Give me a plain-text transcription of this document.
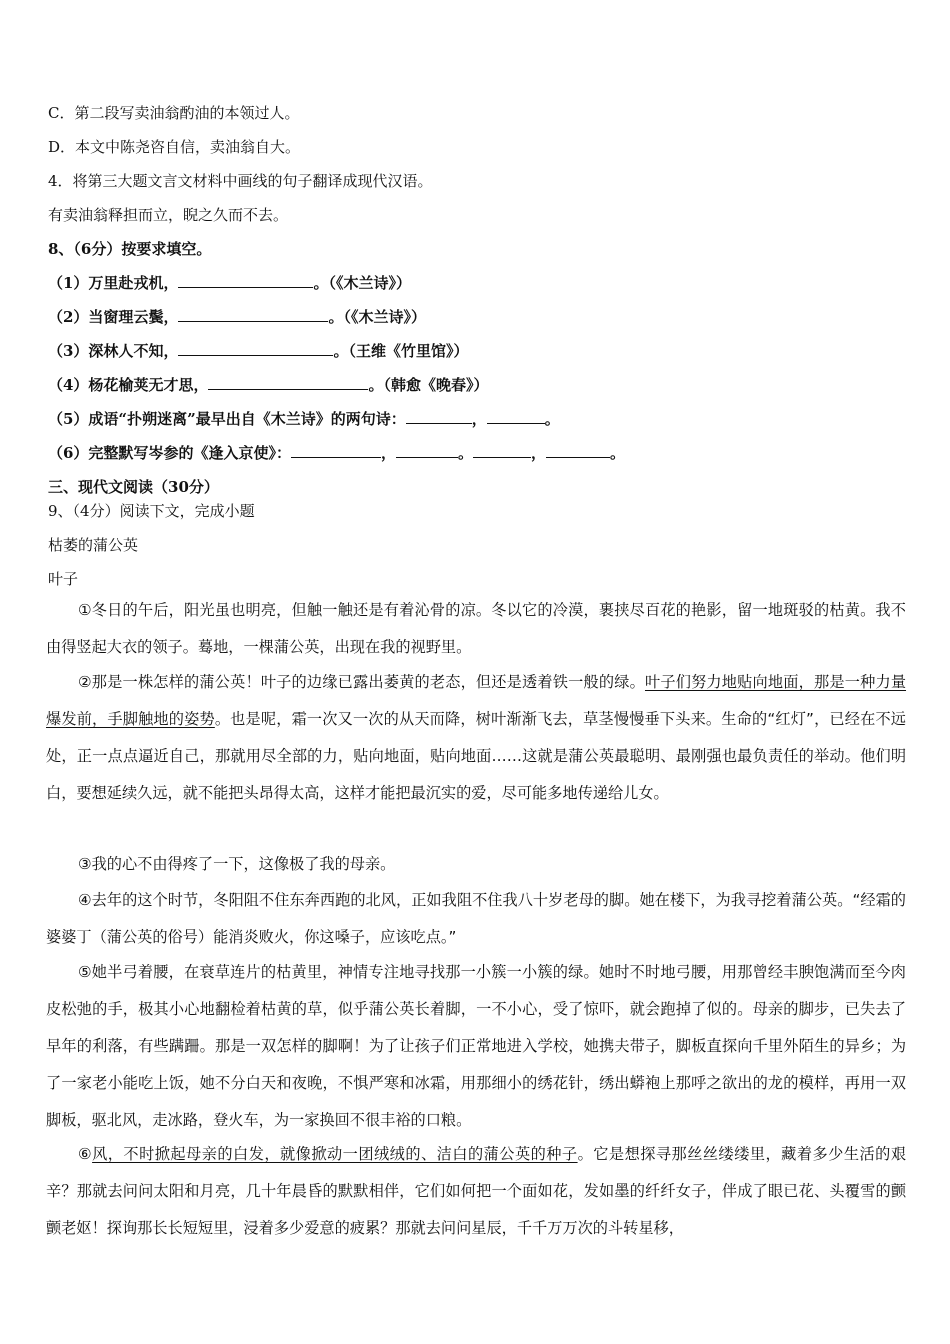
C．第二段写卖油翁酌油的本领过人。
D．本文中陈尧咨自信，卖油翁自大。
4．将第三大题文言文材料中画线的句子翻译成现代汉语。
有卖油翁释担而立，睨之久而不去。
8、（6分）按要求填空。
（1）万里赴戎机，	。（《木兰诗》）
（2）当窗理云鬓，	。（《木兰诗》）
（3）深林人不知，	。（王维《竹里馆》）
（4）杨花榆荚无才思，	。（韩愈《晚春》）
（5）成语“扑朔迷离”最早出自《木兰诗》的两句诗：	，	。
（6）完整默写岑参的《逢入京使》：	，	。	，	。
三、现代文阅读（30分）
9、（4分）阅读下文，完成小题
枯萎的蒲公英
叶子
①冬日的午后，阳光虽也明亮，但触一触还是有着沁骨的凉。冬以它的冷漠，裹挟尽百花的艳影，留一地斑驳的枯黄。我不由得竖起大衣的领子。蓦地，一棵蒲公英，出现在我的视野里。
②那是一株怎样的蒲公英！叶子的边缘已露出萎黄的老态，但还是透着铁一般的绿。叶子们努力地贴向地面，那是一种力量爆发前，手脚触地的姿势。也是呢，霜一次又一次的从天而降，树叶渐渐飞去，草茎慢慢垂下头来。生命的“红灯”，已经在不远处，正一点点逼近自己，那就用尽全部的力，贴向地面，贴向地面……这就是蒲公英最聪明、最刚强也最负责任的举动。他们明白，要想延续久远，就不能把头昂得太高，这样才能把最沉实的爱，尽可能多地传递给儿女。
③我的心不由得疼了一下，这像极了我的母亲。
④去年的这个时节，冬阳阻不住东奔西跑的北风，正如我阻不住我八十岁老母的脚。她在楼下，为我寻挖着蒲公英。“经霜的婆婆丁（蒲公英的俗号）能消炎败火，你这嗓子，应该吃点。”
⑤她半弓着腰，在衰草连片的枯黄里，神情专注地寻找那一小簇一小簇的绿。她时不时地弓腰，用那曾经丰腴饱满而至今肉皮松弛的手，极其小心地翻检着枯黄的草，似乎蒲公英长着脚，一不小心，受了惊吓，就会跑掉了似的。母亲的脚步，已失去了早年的利落，有些蹒跚。那是一双怎样的脚啊！为了让孩子们正常地进入学校，她携夫带子，脚板直探向千里外陌生的异乡；为了一家老小能吃上饭，她不分白天和夜晚，不惧严寒和冰霜，用那细小的绣花针，绣出蟒袍上那呼之欲出的龙的模样，再用一双脚板，驱北风，走冰路，登火车，为一家换回不很丰裕的口粮。
⑥风，不时掀起母亲的白发，就像掀动一团绒绒的、洁白的蒲公英的种子。它是想探寻那丝丝缕缕里，藏着多少生活的艰辛？那就去问问太阳和月亮，几十年晨昏的默默相伴，它们如何把一个面如花，发如墨的纤纤女子，伴成了眼已花、头覆雪的颤颤老妪！探询那长长短短里，浸着多少爱意的疲累？那就去问问星辰，千千万万次的斗转星移，
